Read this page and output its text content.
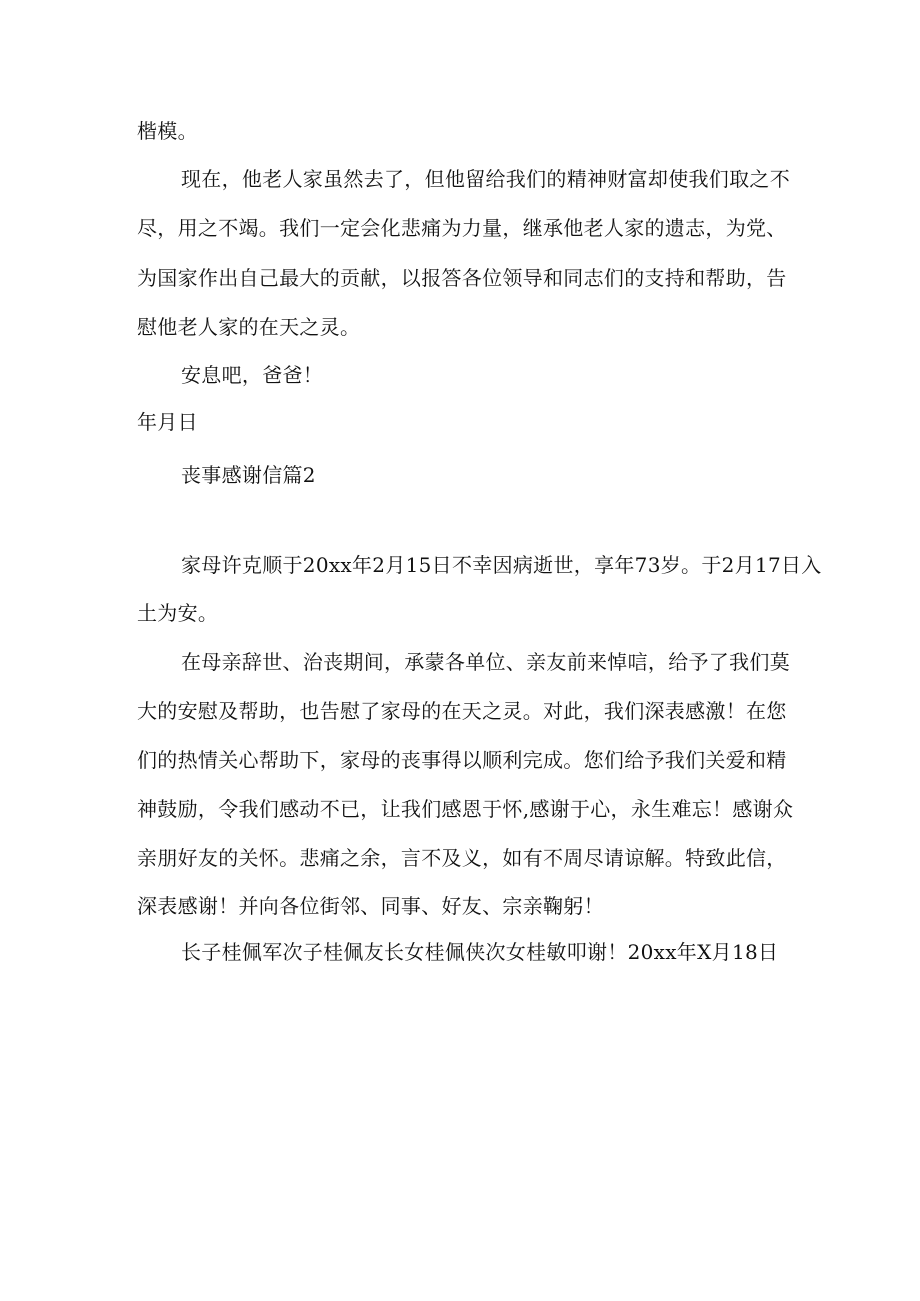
楷模。
现在，他老人家虽然去了，但他留给我们的精神财富却使我们取之不
尽，用之不竭。我们一定会化悲痛为力量，继承他老人家的遗志，为党、
为国家作出自己最大的贡献，以报答各位领导和同志们的支持和帮助，告
慰他老人家的在天之灵。
安息吧，爸爸！
年月日
丧事感谢信篇2
家母许克顺于20xx年2月15日不幸因病逝世，享年73岁。于2月17日入
土为安。
在母亲辞世、治丧期间，承蒙各单位、亲友前来悼唁，给予了我们莫
大的安慰及帮助，也告慰了家母的在天之灵。对此，我们深表感激！在您
们的热情关心帮助下，家母的丧事得以顺利完成。您们给予我们关爱和精
神鼓励，令我们感动不已，让我们感恩于怀,感谢于心，永生难忘！感谢众
亲朋好友的关怀。悲痛之余，言不及义，如有不周尽请谅解。特致此信，
深表感谢！并向各位街邻、同事、好友、宗亲鞠躬！
长子桂佩军次子桂佩友长女桂佩侠次女桂敏叩谢！20xx年X月18日
